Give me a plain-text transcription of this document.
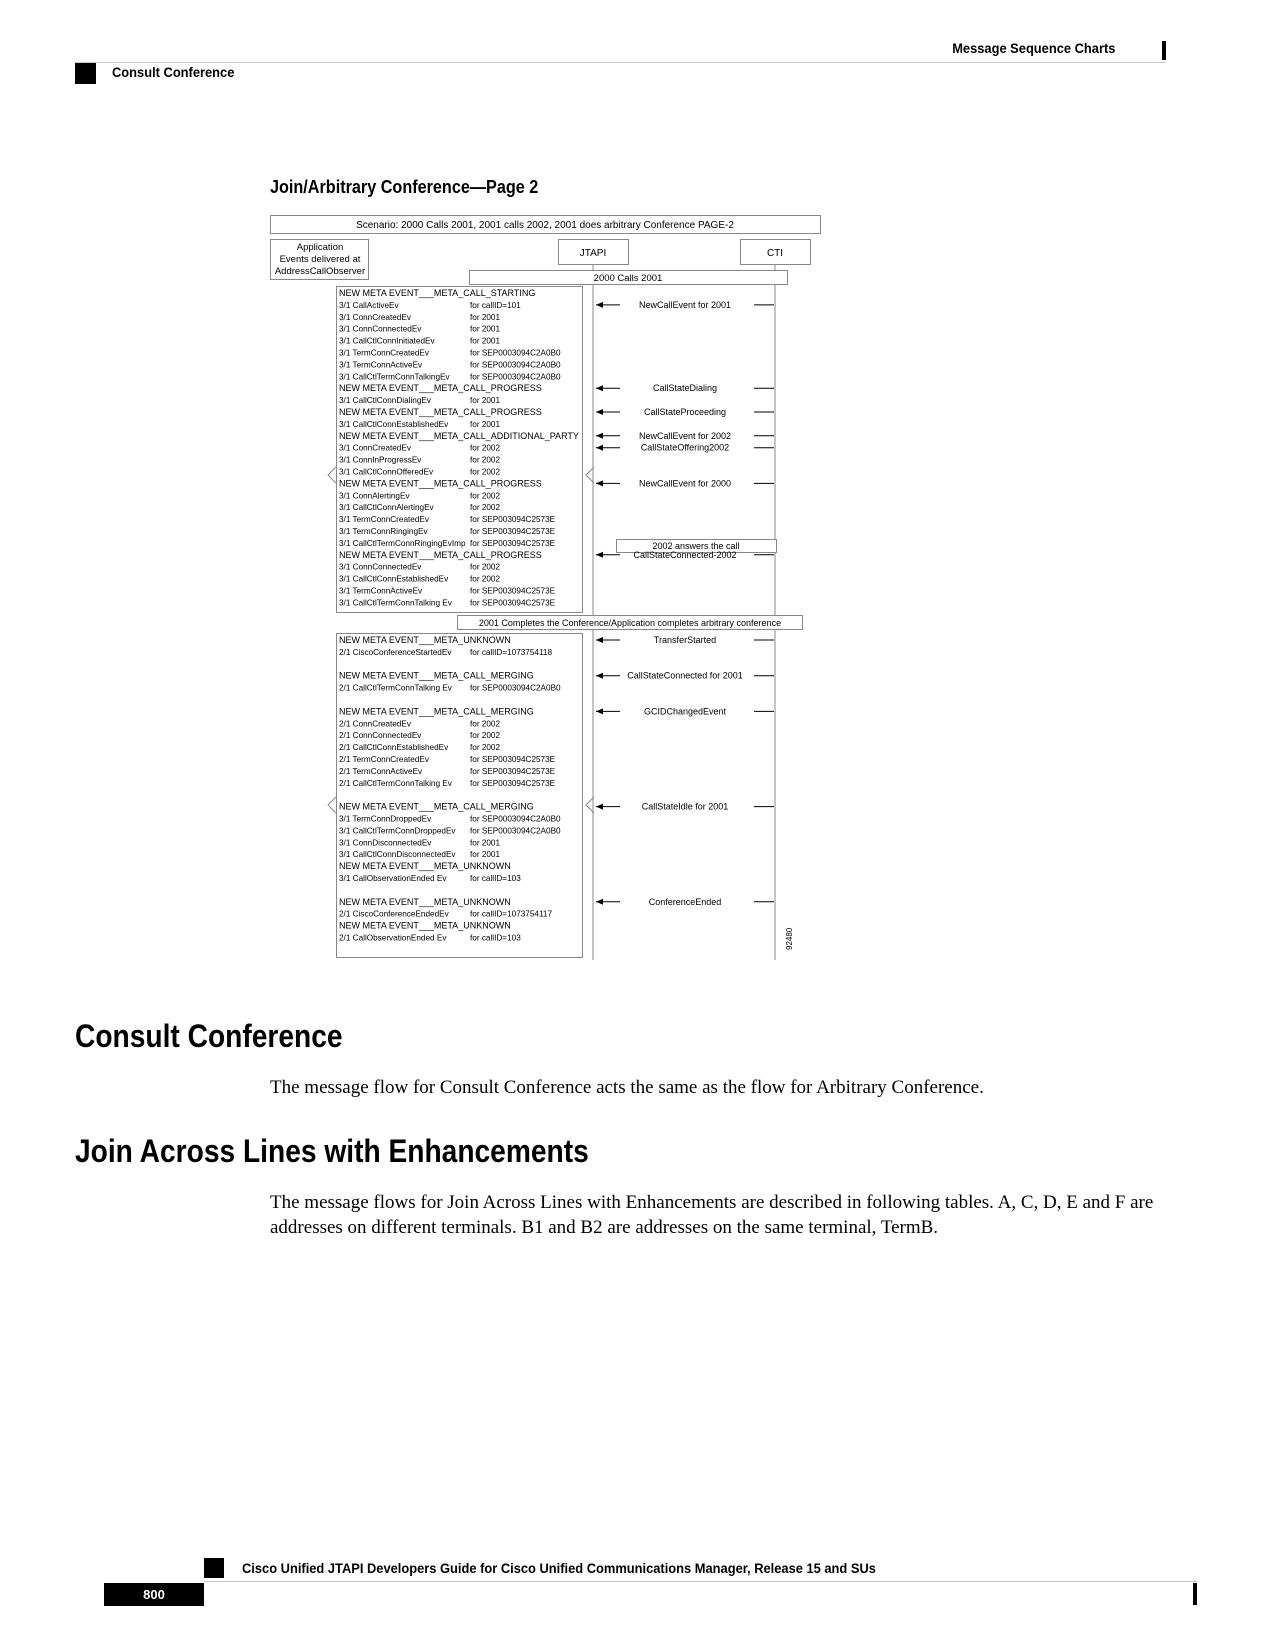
Message Sequence Charts
Consult Conference
Join/Arbitrary Conference—Page 2
Scenario: 2000 Calls 2001, 2001 calls 2002, 2001 does arbitrary Conference PAGE-2
Application
Events delivered at
AddressCallObserver
JTAPI	CTI
2000 Calls 2001
2002 answers the call
2001 Completes the Conference/Application completes arbitrary conference
NEW META EVENT___META_CALL_STARTING
3/1 CallActiveEv	for callID=101
3/1 ConnCreatedEv	for 2001
3/1 ConnConnectedEv	for 2001
3/1 CallCtlConnInitiatedEv	for 2001
3/1 TermConnCreatedEv	for SEP0003094C2A0B0
3/1 TermConnActiveEv	for SEP0003094C2A0B0
3/1 CallCtlTermConnTalkingEv for SEP0003094C2A0B0
NEW META EVENT___META_CALL_PROGRESS
3/1 CallCtlConnDialingEv	for 2001
NEW META EVENT___META_CALL_PROGRESS
3/1 CallCtlConnEstablishedEv	for 2001
NEW META EVENT___META_CALL_ADDITIONAL_PARTY
3/1 ConnCreatedEv	for 2002
3/1 ConnInProgressEv	for 2002
3/1 CallCtlConnOfferedEv	for 2002
NEW META EVENT___META_CALL_PROGRESS
3/1 ConnAlertingEv	for 2002
3/1 CallCtlConnAlertingEv	for 2002
3/1 TermConnCreatedEv	for SEP003094C2573E
3/1 TermConnRingingEv	for SEP003094C2573E
3/1 CallCtlTermConnRingingEvImp for SEP003094C2573E
NEW META EVENT___META_CALL_PROGRESS
3/1 ConnConnectedEv	for 2002
3/1 CallCtlConnEstablishedEv	for 2002
3/1 TermConnActiveEv	for SEP003094C2573E
3/1 CallCtlTermConnTalking Ev for SEP003094C2573E
NewCallEvent for 2001
CallStateDialing
CallStateProceeding
NewCallEvent for 2002
CallStateOffering2002
NewCallEvent for 2000
CallStateConnected-2002
NEW META EVENT___META_UNKNOWN
2/1 CiscoConferenceStartedEv for callID=1073754118
NEW META EVENT___META_CALL_MERGING
2/1 CallCtlTermConnTalking Ev for SEP0003094C2A0B0
NEW META EVENT___META_CALL_MERGING
2/1 ConnCreatedEv	for 2002
2/1 ConnConnectedEv	for 2002
2/1 CallCtlConnEstablishedEv	for 2002
2/1 TermConnCreatedEv	for SEP003094C2573E
2/1 TermConnActiveEv	for SEP003094C2573E
2/1 CallCtlTermConnTalking Ev for SEP003094C2573E
NEW META EVENT___META_CALL_MERGING
3/1 TermConnDroppedEv	for SEP0003094C2A0B0
3/1 CallCtlTermConnDroppedEv for SEP0003094C2A0B0
3/1 ConnDisconnectedEv	for 2001
3/1 CallCtlConnDisconnectedEv for 2001
NEW META EVENT___META_UNKNOWN
3/1 CallObservationEnded Ev	for callID=103
NEW META EVENT___META_UNKNOWN
2/1 CiscoConferenceEndedEv	for callID=1073754117
NEW META EVENT___META_UNKNOWN
2/1 CallObservationEnded Ev	for callID=103
TransferStarted
CallStateConnected for 2001
GCIDChangedEvent
CallStateIdle for 2001
ConferenceEnded
92480
Consult Conference
The message flow for Consult Conference acts the same as the flow for Arbitrary Conference.
Join Across Lines with Enhancements
The message flows for Join Across Lines with Enhancements are described in following tables. A, C, D, E and F are addresses on different terminals. B1 and B2 are addresses on the same terminal, TermB.
Cisco Unified JTAPI Developers Guide for Cisco Unified Communications Manager, Release 15 and SUs
800
